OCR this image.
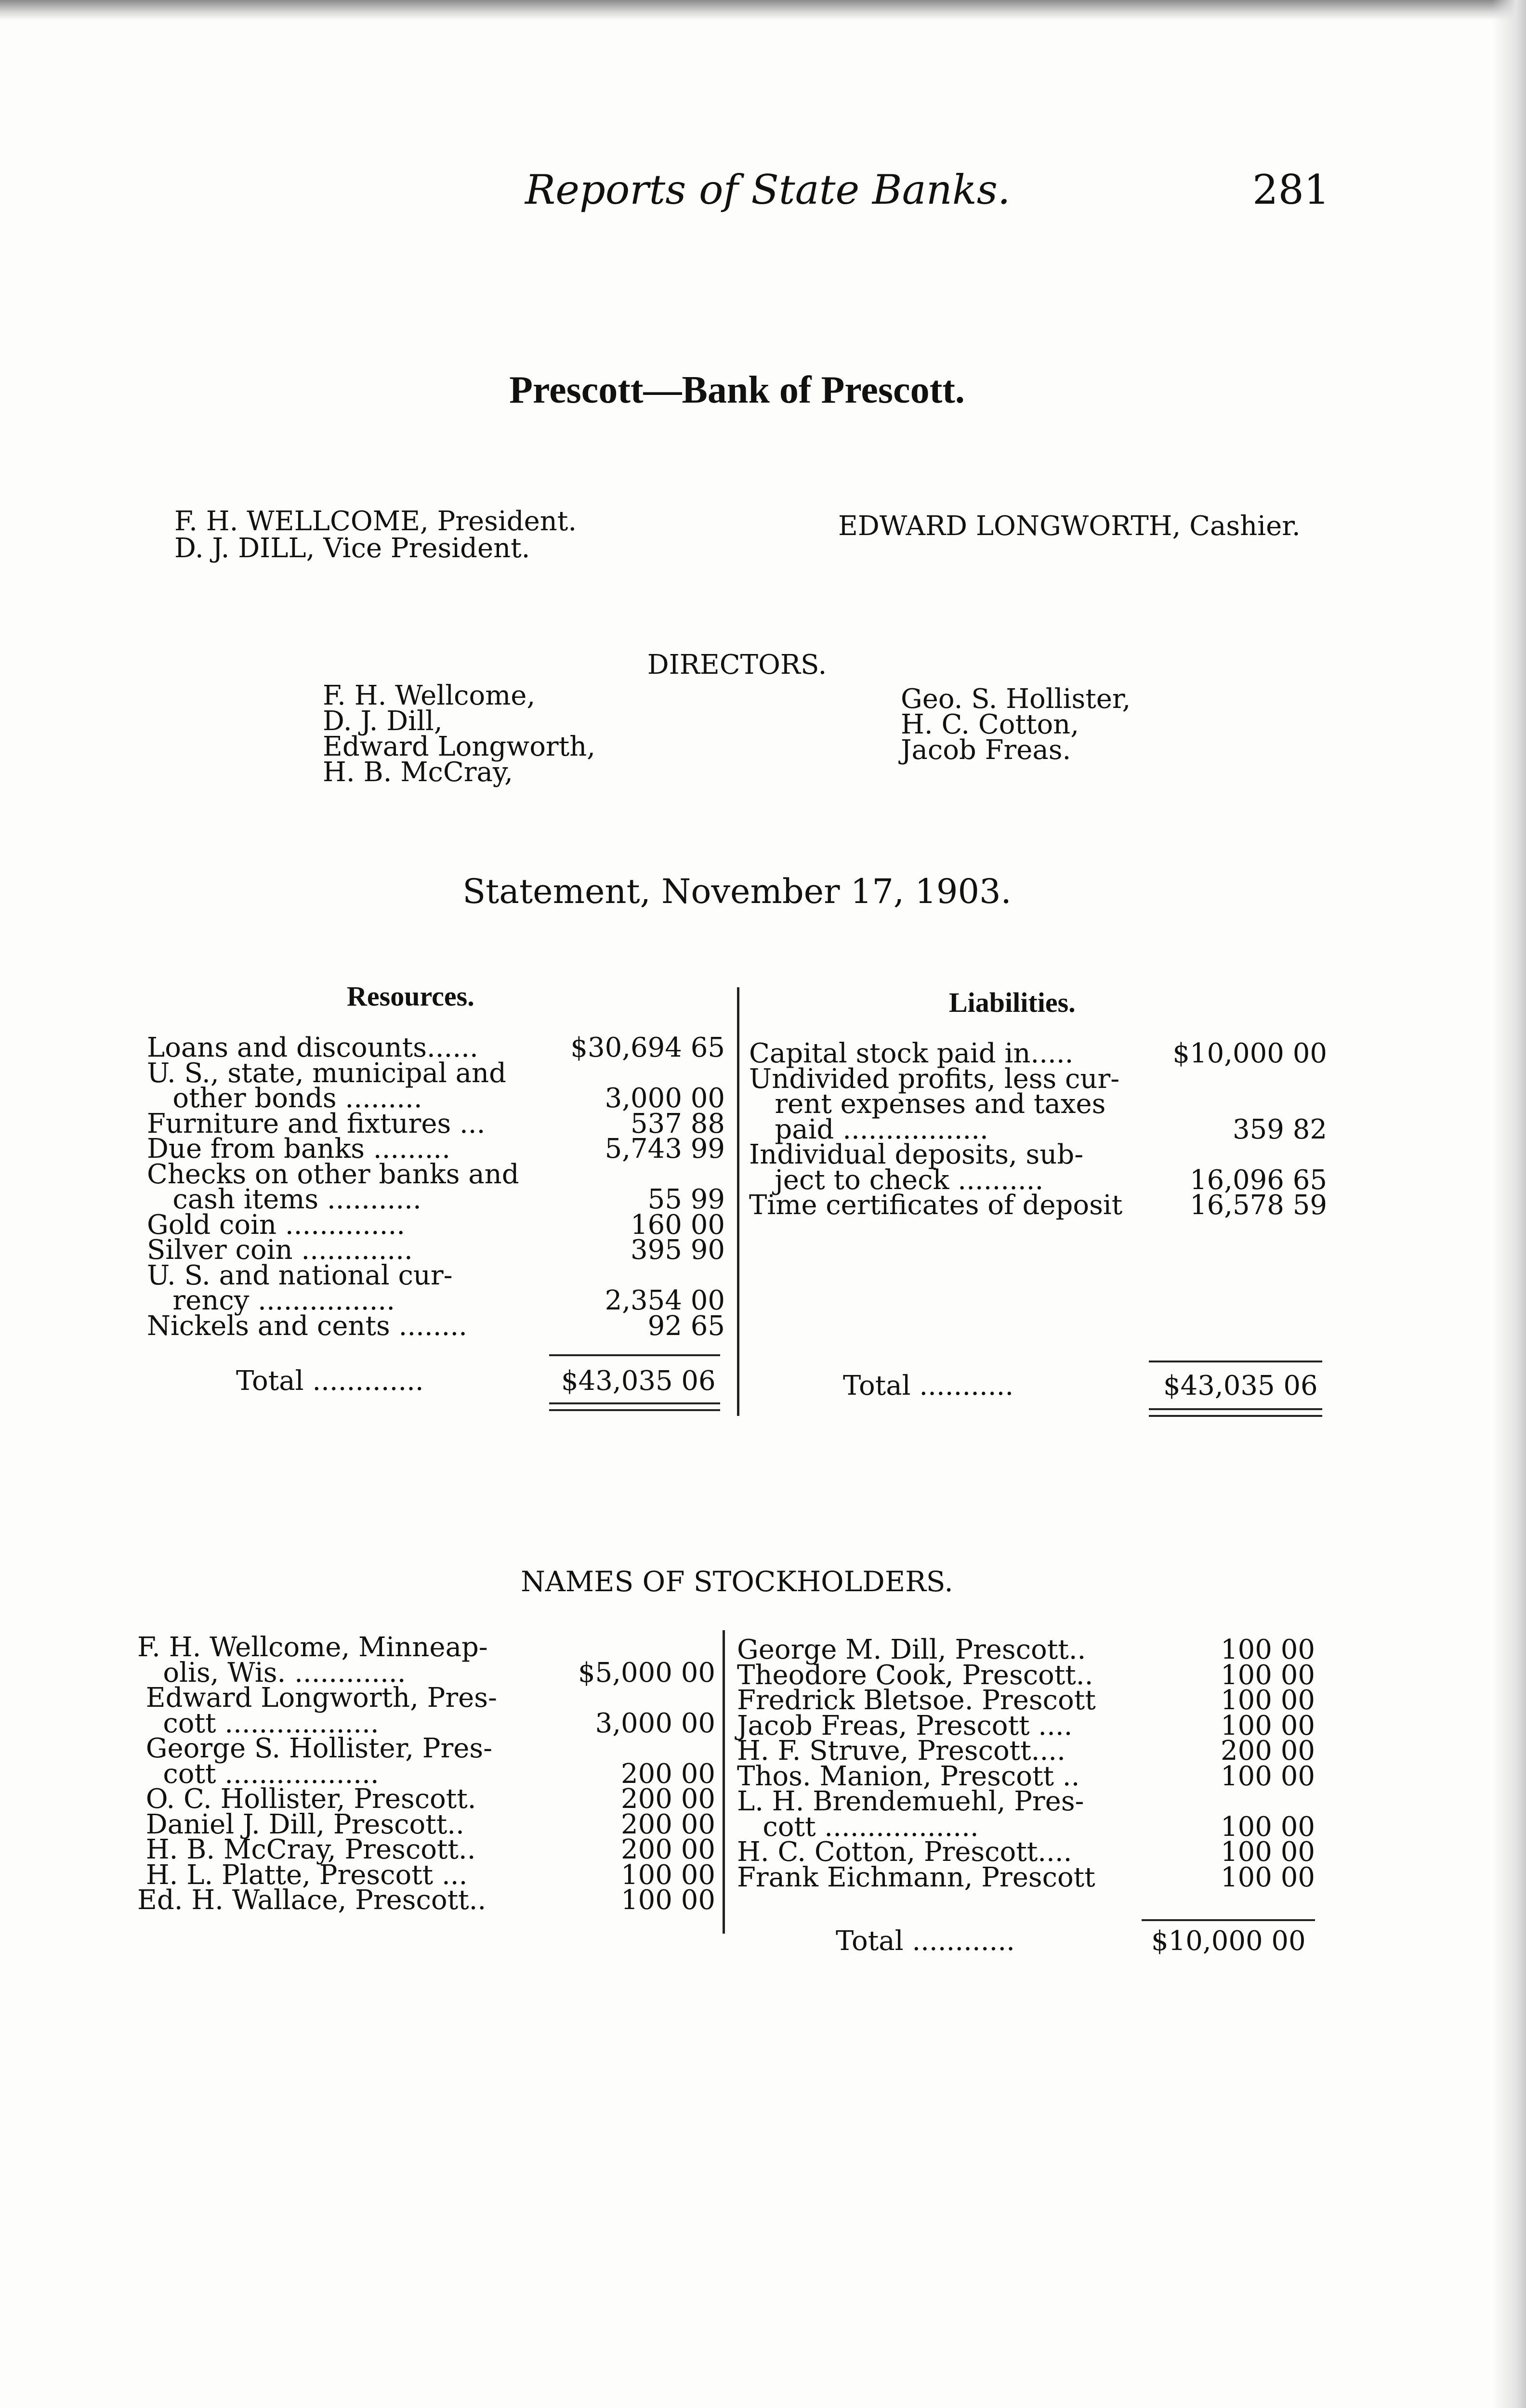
Reports of State Banks.	281
Prescott—Bank of Prescott.
F. H. WELLCOME, President.
D. J. DILL, Vice President.
EDWARD LONGWORTH, Cashier.
DIRECTORS.
F. H. Wellcome,
D. J. Dill,
Edward Longworth,
H. B. McCray,
Geo. S. Hollister,
H. C. Cotton,
Jacob Freas.
Statement, November 17, 1903.
Resources.	Liabilities.
Loans and discounts......	$30,694 65
U. S., state, municipal and
other bonds .........	3,000 00
Furniture and fixtures ...	537 88
Due from banks .........	5,743 99
Checks on other banks and
cash items ...........	55 99
Gold coin ..............	160 00
Silver coin .............	395 90
U. S. and national cur-
rency ................	2,354 00
Nickels and cents ........	92 65
Total .............	$43,035 06
Capital stock paid in.....	$10,000 00
Undivided profits, less cur-
rent expenses and taxes
paid .................	359 82
Individual deposits, sub-
ject to check ..........	16,096 65
Time certificates of deposit	16,578 59
Total ...........	$43,035 06
NAMES OF STOCKHOLDERS.
F. H. Wellcome, Minneap-
olis, Wis. .............	$5,000 00
Edward Longworth, Pres-
cott ..................	3,000 00
George S. Hollister, Pres-
cott ..................	200 00
O. C. Hollister, Prescott.	200 00
Daniel J. Dill, Prescott..	200 00
H. B. McCray, Prescott..	200 00
H. L. Platte, Prescott ...	100 00
Ed. H. Wallace, Prescott..	100 00
George M. Dill, Prescott..	100 00
Theodore Cook, Prescott..	100 00
Fredrick Bletsoe. Prescott	100 00
Jacob Freas, Prescott ....	100 00
H. F. Struve, Prescott....	200 00
Thos. Manion, Prescott ..	100 00
L. H. Brendemuehl, Pres-
cott ..................	100 00
H. C. Cotton, Prescott....	100 00
Frank Eichmann, Prescott	100 00
Total ............	$10,000 00
